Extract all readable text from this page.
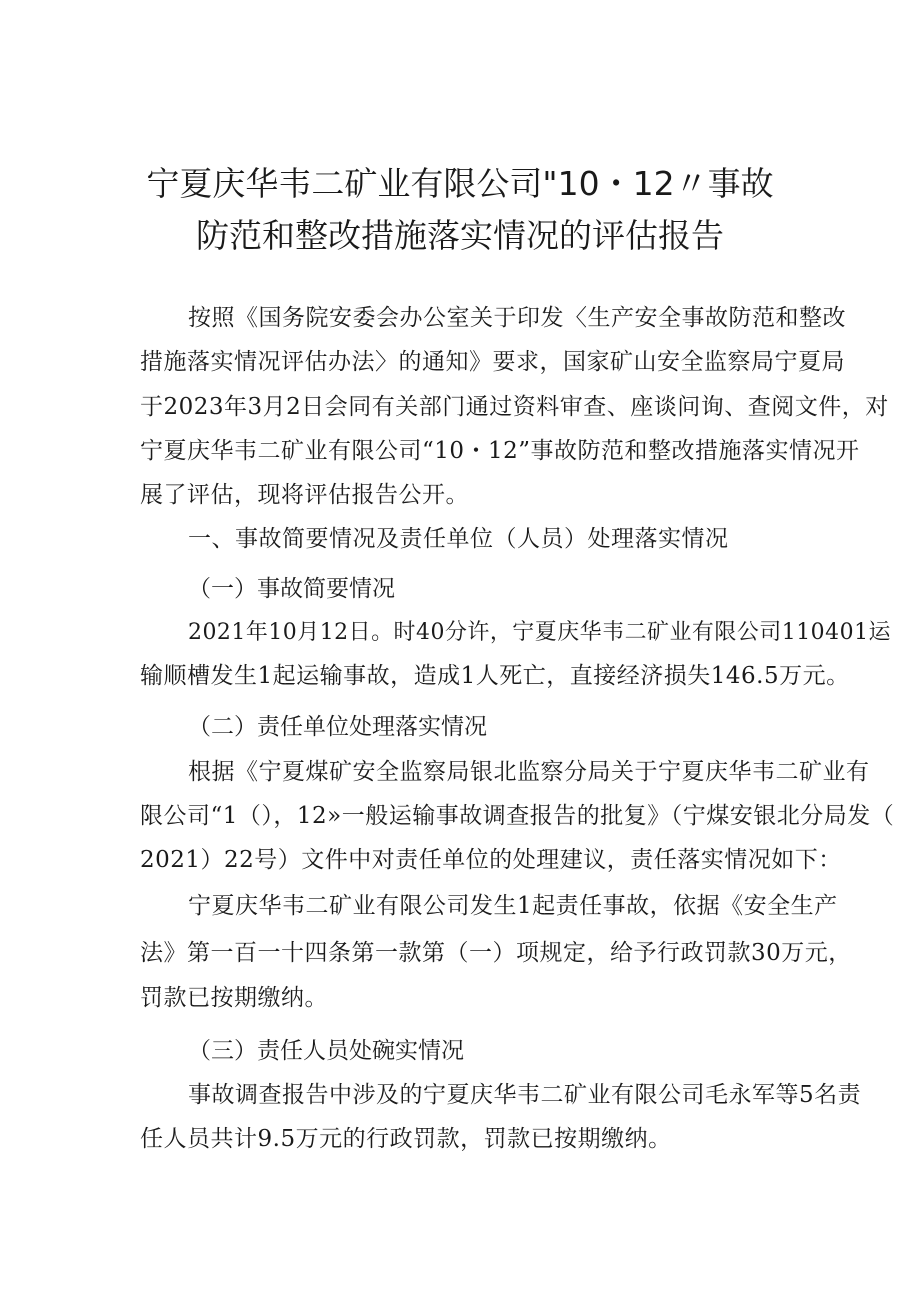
宁夏庆华韦二矿业有限公司"10・12〃事故
防范和整改措施落实情况的评估报告
按照《国务院安委会办公室关于印发〈生产安全事故防范和整改
措施落实情况评估办法〉的通知》要求，国家矿山安全监察局宁夏局
于2023年3月2日会同有关部门通过资料审查、座谈问询、查阅文件，对
宁夏庆华韦二矿业有限公司“10・12”事故防范和整改措施落实情况开
展了评估，现将评估报告公开。
一、事故简要情况及责任单位（人员）处理落实情况
（一）事故简要情况
2021年10月12日。时40分许，宁夏庆华韦二矿业有限公司110401运
输顺槽发生1起运输事故，造成1人死亡，直接经济损失146.5万元。
（二）责任单位处理落实情况
根据《宁夏煤矿安全监察局银北监察分局关于宁夏庆华韦二矿业有
限公司“1（），12»一般运输事故调查报告的批复》（宁煤安银北分局发（
2021）22号）文件中对责任单位的处理建议，责任落实情况如下：
宁夏庆华韦二矿业有限公司发生1起责任事故，依据《安全生产
法》第一百一十四条第一款第（一）项规定，给予行政罚款30万元，
罚款已按期缴纳。
（三）责任人员处碗实情况
事故调查报告中涉及的宁夏庆华韦二矿业有限公司毛永军等5名责
任人员共计9.5万元的行政罚款，罚款已按期缴纳。
